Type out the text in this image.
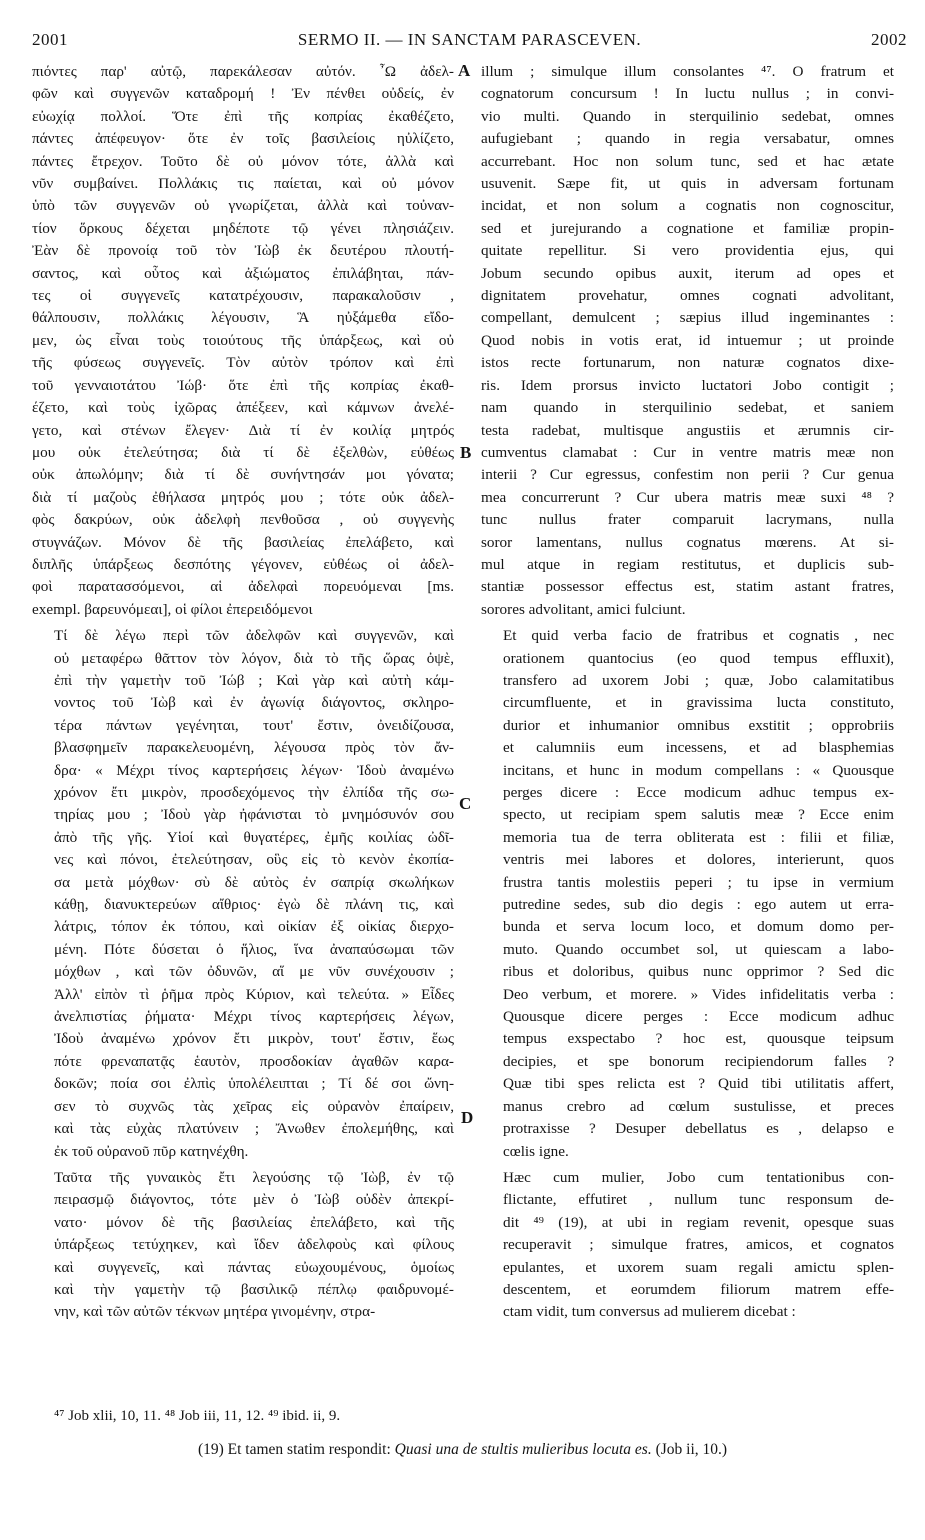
2001	SERMO II. — IN SANCTAM PARASCEVEN.	2002

πιόντες παρ' αὐτῷ, παρεκάλεσαν αὐτόν. ῏Ω ἀδελ-
φῶν καὶ συγγενῶν καταδρομή ! Ἐν πένθει οὐδείς, ἐν
εὐωχίᾳ πολλοί. Ὅτε ἐπὶ τῆς κοπρίας ἐκαθέζετο,
πάντες ἀπέφευγον· ὅτε ἐν τοῖς βασιλείοις ηὐλίζετο,
πάντες ἔτρεχον. Τοῦτο δὲ οὐ μόνον τότε, ἀλλὰ καὶ
νῦν συμβαίνει. Πολλάκις τις παίεται, καὶ οὐ μόνον
ὑπὸ τῶν συγγενῶν οὐ γνωρίζεται, ἀλλὰ καὶ τοὐναν-
τίον ὅρκους δέχεται μηδέποτε τῷ γένει πλησιάζειν.
Ἐὰν δὲ προνοίᾳ τοῦ τὸν Ἰὼβ ἐκ δευτέρου πλουτή-
σαντος, καὶ οὗτος καὶ ἀξιώματος ἐπιλάβηται, πάν-
τες οἱ συγγενεῖς κατατρέχουσιν, παρακαλοῦσιν ,
θάλπουσιν, πολλάκις λέγουσιν, Ἃ ηὐξάμεθα εἴδο-
μεν, ὡς εἶναι τοὺς τοιούτους τῆς ὑπάρξεως, καὶ οὐ
τῆς φύσεως συγγενεῖς. Τὸν αὐτὸν τρόπον καὶ ἐπὶ
τοῦ γενναιοτάτου Ἰώβ· ὅτε ἐπὶ τῆς κοπρίας ἐκαθ-
έζετο, καὶ τοὺς ἰχῶρας ἀπέξεεν, καὶ κάμνων ἀνελέ-
γετο, καὶ στένων ἔλεγεν· Διὰ τί ἐν κοιλίᾳ μητρός
μου οὐκ ἐτελεύτησα; διὰ τί δὲ ἐξελθὼν, εὐθέως
οὐκ ἀπωλόμην; διὰ τί δὲ συνήντησάν μοι γόνατα;
διὰ τί μαζοὺς ἐθήλασα μητρός μου ; τότε οὐκ ἀδελ-
φὸς δακρύων, οὐκ ἀδελφὴ πενθοῦσα , οὐ συγγενὴς
στυγνάζων. Μόνον δὲ τῆς βασιλείας ἐπελάβετο, καὶ
διπλῆς ὑπάρξεως δεσπότης γέγονεν, εὐθέως οἱ ἀδελ-
φοὶ παρατασσόμενοι, αἱ ἀδελφαὶ πορευόμεναι [ms.
exempl. βαρευνόμεαι], οἱ φίλοι ἐπερειδόμενοι

Τί δὲ λέγω περὶ τῶν ἀδελφῶν καὶ συγγενῶν, καὶ
οὐ μεταφέρω θᾶττον τὸν λόγον, διὰ τὸ τῆς ὥρας ὀψὲ,
ἐπὶ τὴν γαμετὴν τοῦ Ἰώβ ; Καὶ γὰρ καὶ αὐτὴ κάμ-
νοντος τοῦ Ἰὼβ καὶ ἐν ἀγωνίᾳ διάγοντος, σκληρο-
τέρα πάντων γεγένηται, τουτ' ἔστιν, ὀνειδίζουσα,
βλασφημεῖν παρακελευομένη, λέγουσα πρὸς τὸν ἄν-
δρα· « Μέχρι τίνος καρτερήσεις λέγων· Ἰδοὺ ἀναμένω
χρόνον ἔτι μικρὸν, προσδεχόμενος τὴν ἐλπίδα τῆς σω-
τηρίας μου ; Ἰδοὺ γὰρ ἠφάνισται τὸ μνημόσυνόν σου
ἀπὸ τῆς γῆς. Υἱοί καὶ θυγατέρες, ἐμῆς κοιλίας ὠδῖ-
νες καὶ πόνοι, ἐτελεύτησαν, οὓς εἰς τὸ κενὸν ἐκοπία-
σα μετὰ μόχθων· σὺ δὲ αὐτὸς ἐν σαπρίᾳ σκωλήκων
κάθῃ, διανυκτερεύων αἴθριος· ἐγὼ δὲ πλάνη τις, καὶ
λάτρις, τόπον ἐκ τόπου, καὶ οἰκίαν ἐξ οἰκίας διερχο-
μένη. Πότε δύσεται ὁ ἥλιος, ἵνα ἀναπαύσωμαι τῶν
μόχθων , καὶ τῶν ὀδυνῶν, αἵ με νῦν συνέχουσιν ;
Ἀλλ' εἰπὸν τὶ ῥῆμα πρὸς Κύριον, καὶ τελεύτα. » Εἶδες
ἀνελπιστίας ῥήματα· Μέχρι τίνος καρτερήσεις λέγων,
Ἰδοὺ ἀναμένω χρόνον ἔτι μικρὸν, τουτ' ἔστιν, ἕως
πότε φρεναπατᾷς ἑαυτὸν, προσδοκίαν ἀγαθῶν καρα-
δοκῶν; ποία σοι ἐλπὶς ὑπολέλειπται ; Τί δέ σοι ὤνη-
σεν τὸ συχνῶς τὰς χεῖρας εἰς οὐρανὸν ἐπαίρειν,
καὶ τὰς εὐχὰς πλατύνειν ; Ἄνωθεν ἐπολεμήθης, καὶ
ἐκ τοῦ οὐρανοῦ πῦρ κατηνέχθη.

Ταῦτα τῆς γυναικὸς ἔτι λεγούσης τῷ Ἰὼβ, ἐν τῷ
πειρασμῷ διάγοντος, τότε μὲν ὁ Ἰὼβ οὐδὲν ἀπεκρί-
νατο· μόνον δὲ τῆς βασιλείας ἐπελάβετο, καὶ τῆς
ὑπάρξεως τετύχηκεν, καὶ ἴδεν ἀδελφοὺς καὶ φίλους
καὶ συγγενεῖς, καὶ πάντας εὐωχουμένους, ὁμοίως
καὶ τὴν γαμετὴν τῷ βασιλικῷ πέπλῳ φαιδρυνομέ-
νην, καὶ τῶν αὐτῶν τέκνων μητέρα γινομένην, στρα-

illum ; simulque illum consolantes ⁴⁷. O fratrum et
cognatorum concursum ! In luctu nullus ; in convi-
vio multi. Quando in sterquilinio sedebat, omnes
aufugiebant ; quando in regia versabatur, omnes
accurrebant. Hoc non solum tunc, sed et hac ætate
usuvenit. Sæpe fit, ut quis in adversam fortunam
incidat, et non solum a cognatis non cognoscitur,
sed et jurejurando a cognatione et familiæ propin-
quitate repellitur. Si vero providentia ejus, qui
Jobum secundo opibus auxit, iterum ad opes et
dignitatem provehatur, omnes cognati advolitant,
compellant, demulcent ; sæpius illud ingeminantes :
Quod nobis in votis erat, id intuemur ; ut proinde
istos recte fortunarum, non naturæ cognatos dixe-
ris. Idem prorsus invicto luctatori Jobo contigit ;
nam quando in sterquilinio sedebat, et saniem
testa radebat, multisque angustiis et ærumnis cir-
cumventus clamabat : Cur in ventre matris meæ non
interii ? Cur egressus, confestim non perii ? Cur genua
mea concurrerunt ? Cur ubera matris meæ suxi ⁴⁸ ?
tunc nullus frater comparuit lacrymans, nulla
soror lamentans, nullus cognatus mœrens. At si-
mul atque in regiam restitutus, et duplicis sub-
stantiæ possessor effectus est, statim astant fratres,
sorores advolitant, amici fulciunt.

Et quid verba facio de fratribus et cognatis , nec
orationem quantocius (eo quod tempus effluxit),
transfero ad uxorem Jobi ; quæ, Jobo calamitatibus
circumfluente, et in gravissima lucta constituto,
durior et inhumanior omnibus exstitit ; opprobriis
et calumniis eum incessens, et ad blasphemias
incitans, et hunc in modum compellans : « Quousque
perges dicere : Ecce modicum adhuc tempus ex-
specto, ut recipiam spem salutis meæ ? Ecce enim
memoria tua de terra obliterata est : filii et filiæ,
ventris mei labores et dolores, interierunt, quos
frustra tantis molestiis peperi ; tu ipse in vermium
putredine sedes, sub dio degis : ego autem ut erra-
bunda et serva locum loco, et domum domo per-
muto. Quando occumbet sol, ut quiescam a labo-
ribus et doloribus, quibus nunc opprimor ? Sed dic
Deo verbum, et morere. » Vides infidelitatis verba :
Quousque dicere perges : Ecce modicum adhuc
tempus exspectabo ? hoc est, quousque teipsum
decipies, et spe bonorum recipiendorum falles ?
Quæ tibi spes relicta est ? Quid tibi utilitatis affert,
manus crebro ad cœlum sustulisse, et preces
protraxisse ? Desuper debellatus es , delapso e
cœlis igne.

Hæc cum mulier, Jobo cum tentationibus con-
flictante, effutiret , nullum tunc responsum de-
dit ⁴⁹ (19), at ubi in regiam revenit, opesque suas
recuperavit ; simulque fratres, amicos, et cognatos
epulantes, et uxorem suam regali amictu splen-
descentem, et eorumdem filiorum matrem effe-
ctam vidit, tum conversus ad mulierem dicebat :

A
B
C
D
⁴⁷ Job xlii, 10, 11. ⁴⁸ Job iii, 11, 12. ⁴⁹ ibid. ii, 9.
(19) Et tamen statim respondit: Quasi una de stultis mulieribus locuta es. (Job ii, 10.)
